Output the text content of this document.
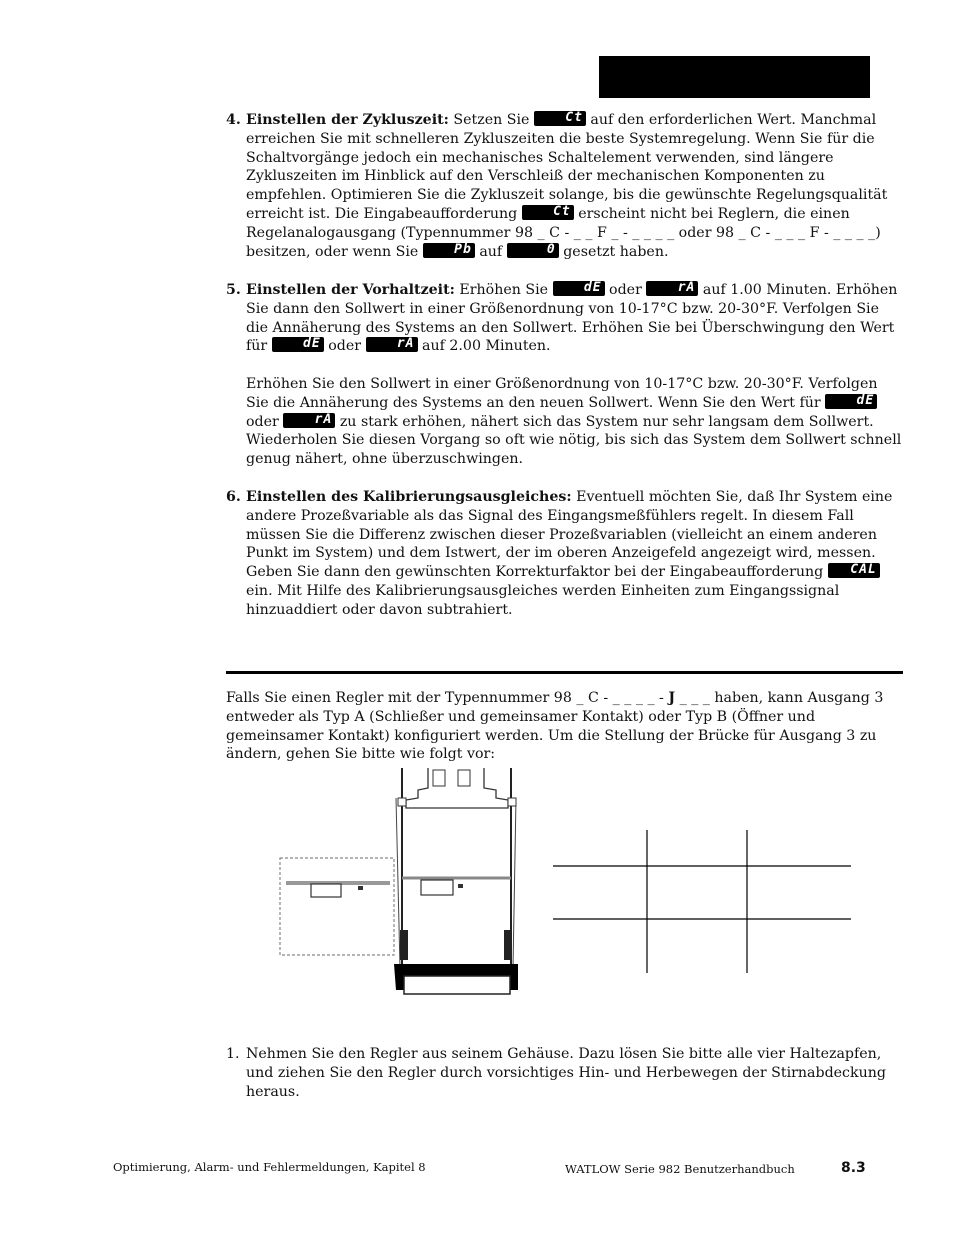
4. Einstellen der Zykluszeit: Setzen Sie Ct auf den erforderlichen Wert. Manchmal erreichen Sie mit schnelleren Zykluszeiten die beste Systemregelung. Wenn Sie für die Schaltvorgänge jedoch ein mechanisches Schaltelement verwenden, sind längere Zykluszeiten im Hinblick auf den Verschleiß der mechanischen Komponenten zu empfehlen. Optimieren Sie die Zykluszeit solange, bis die gewünschte Regelungsqualität erreicht ist. Die Eingabeaufforderung Ct erscheint nicht bei Reglern, die einen Regelanalogausgang (Typennummer 98 _ C - _ _ F _ - _ _ _ _ oder 98 _ C - _ _ _ F - _ _ _ _) besitzen, oder wenn Sie Pb auf	0 gesetzt haben.
5. Einstellen der Vorhaltzeit: Erhöhen Sie dE oder rA auf 1.00 Minuten. Erhöhen Sie dann den Sollwert in einer Größenordnung von 10-17°C bzw. 20-30°F. Verfolgen Sie die Annäherung des Systems an den Sollwert. Erhöhen Sie bei Überschwingung den Wert für dE oder rA auf 2.00 Minuten.
Erhöhen Sie den Sollwert in einer Größenordnung von 10-17°C bzw. 20-30°F. Verfolgen Sie die Annäherung des Systems an den neuen Sollwert. Wenn Sie den Wert für dE
oder rA zu stark erhöhen, nähert sich das System nur sehr langsam dem Sollwert. Wiederholen Sie diesen Vorgang so oft wie nötig, bis sich das System dem Sollwert schnell genug nähert, ohne überzuschwingen.
6. Einstellen des Kalibrierungsausgleiches: Eventuell möchten Sie, daß Ihr System eine andere Prozeßvariable als das Signal des Eingangsmeßfühlers regelt. In diesem Fall müssen Sie die Differenz zwischen dieser Prozeßvariablen (vielleicht an einem anderen Punkt im System) und dem Istwert, der im oberen Anzeigefeld angezeigt wird, messen. Geben Sie dann den gewünschten Korrekturfaktor bei der Eingabeaufforderung CAL
ein. Mit Hilfe des Kalibrierungsausgleiches werden Einheiten zum Eingangssignal hinzuaddiert oder davon subtrahiert.
Falls Sie einen Regler mit der Typennummer 98 _ C - _ _ _ _ - J _ _ _ haben, kann Ausgang 3 entweder als Typ A (Schließer und gemeinsamer Kontakt) oder Typ B (Öffner und gemeinsamer Kontakt) konfiguriert werden. Um die Stellung der Brücke für Ausgang 3 zu ändern, gehen Sie bitte wie folgt vor:
1. Nehmen Sie den Regler aus seinem Gehäuse. Dazu lösen Sie bitte alle vier Haltezapfen, und ziehen Sie den Regler durch vorsichtiges Hin- und Herbewegen der Stirnabdeckung heraus.
Optimierung, Alarm- und Fehlermeldungen, Kapitel 8	WATLOW Serie 982 Benutzerhandbuch	8.3
